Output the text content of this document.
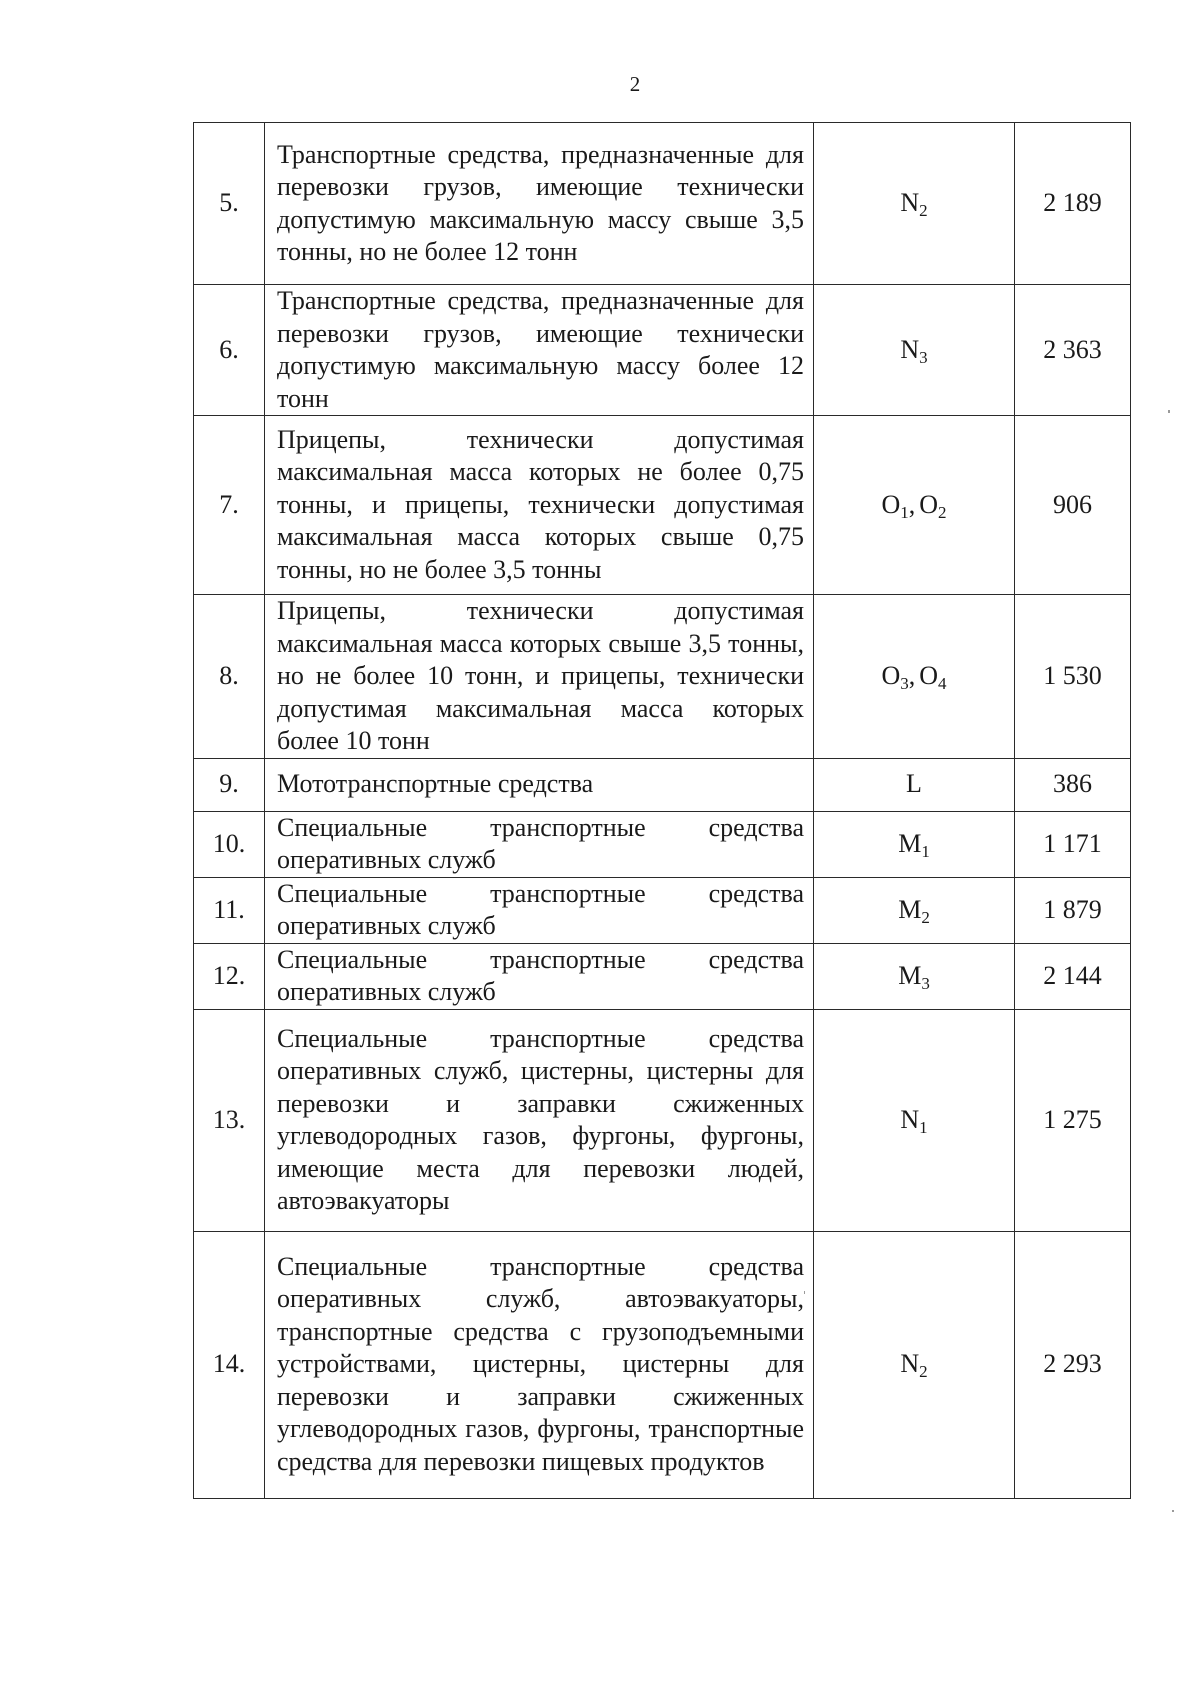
2
5.	Транспортные средства, предназначенные для перевозки грузов, имеющие технически допустимую максимальную массу свыше 3,5 тонны, но не более 12 тонн	$N_2$	2 189
6.	Транспортные средства, предназначенные для перевозки грузов, имеющие технически допустимую максимальную массу более 12 тонн	$N_3$	2 363
7.	Прицепы, технически допустимая максимальная масса которых не более 0,75 тонны, и прицепы, технически допустимая максимальная масса которых свыше 0,75 тонны, но не более 3,5 тонны	$O_1$, $O_2$	906
8.	Прицепы, технически допустимая максимальная масса которых свыше 3,5 тонны, но не более 10 тонн, и прицепы, технически допустимая максимальная масса которых более 10 тонн	$O_3$, $O_4$	1 530
9.	Мототранспортные средства	L	386
10.	Специальные транспортные средства оперативных служб	$M_1$	1 171
11.	Специальные транспортные средства оперативных служб	$M_2$	1 879
12.	Специальные транспортные средства оперативных служб	$M_3$	2 144
13.	Специальные транспортные средства оперативных служб, цистерны, цистерны для перевозки и заправки сжиженных углеводородных газов, фургоны, фургоны, имеющие места для перевозки людей, автоэвакуаторы	$N_1$	1 275
14.	Специальные транспортные средства оперативных служб, автоэвакуаторы, транспортные средства с грузоподъемными устройствами, цистерны, цистерны для перевозки и заправки сжиженных углеводородных газов, фургоны, транспортные средства для перевозки пищевых продуктов	$N_2$	2 293
